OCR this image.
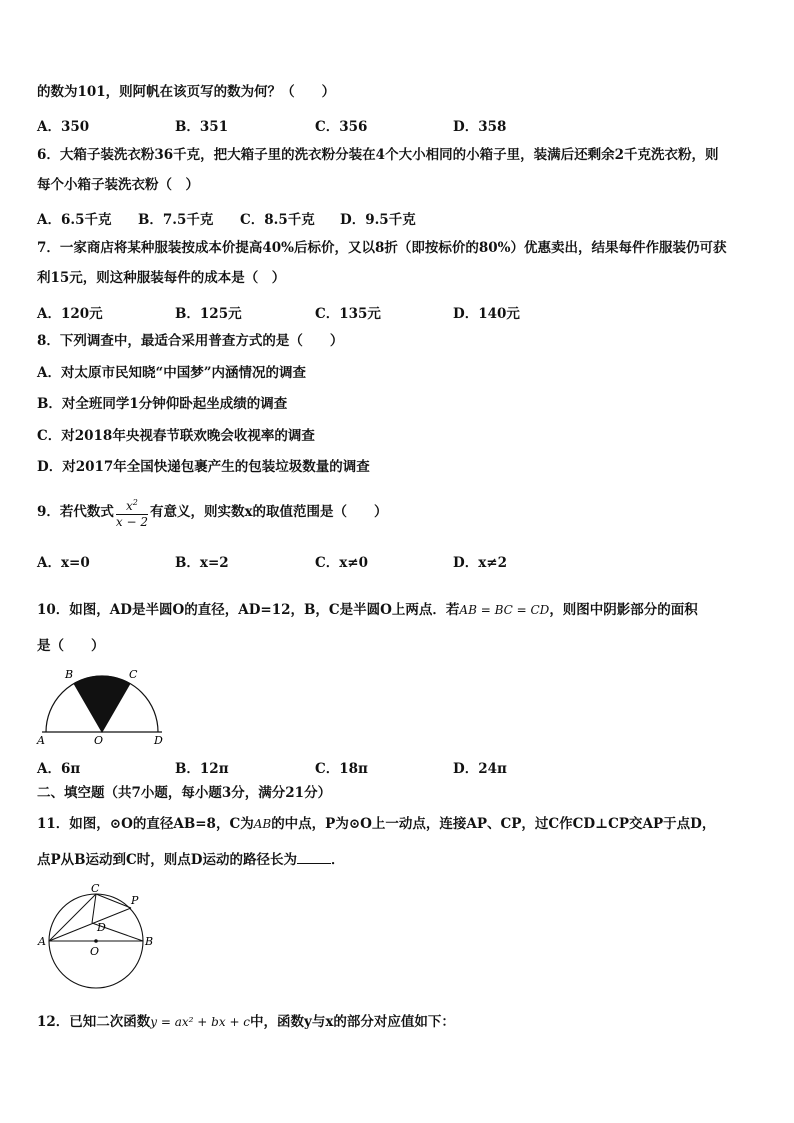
的数为101，则阿帆在该页写的数为何？（　　）
A．350	B．351	C．356	D．358
6．大箱子装洗衣粉36千克，把大箱子里的洗衣粉分装在4个大小相同的小箱子里，装满后还剩余2千克洗衣粉，则
每个小箱子装洗衣粉（　）
A．6.5千克 B．7.5千克 C．8.5千克 D．9.5千克
7．一家商店将某种服装按成本价提高40%后标价，又以8折（即按标价的80%）优惠卖出，结果每件作服装仍可获
利15元，则这种服装每件的成本是（　）
A．120元	B．125元	C．135元	D．140元
8．下列调查中，最适合采用普查方式的是（　　）
A．对太原市民知晓“中国梦”内涵情况的调查
B．对全班同学1分钟仰卧起坐成绩的调查
C．对2018年央视春节联欢晚会收视率的调查
D．对2017年全国快递包裹产生的包装垃圾数量的调查
9．若代数式 $\frac{x^2}{x - 2}$ 有意义，则实数x的取值范围是（　　）
A．x=0	B．x=2	C．x≠0	D．x≠2
10．如图，AD是半圆O的直径，AD=12，B，C是半圆O上两点．若AB = BC = CD，则图中阴影部分的面积
是（　　）
B	C
A	O	D
A．6π	B．12π	C．18π	D．24π
二、填空题（共7小题，每小题3分，满分21分）
11．如图，⊙O的直径AB=8，C为AB的中点，P为⊙O上一动点，连接AP、CP，过C作CD⊥CP交AP于点D，
点P从B运动到C时，则点D运动的路径长为	．
C
P
D
A	B
O
12．已知二次函数y = ax² + bx + c中，函数y与x的部分对应值如下：
